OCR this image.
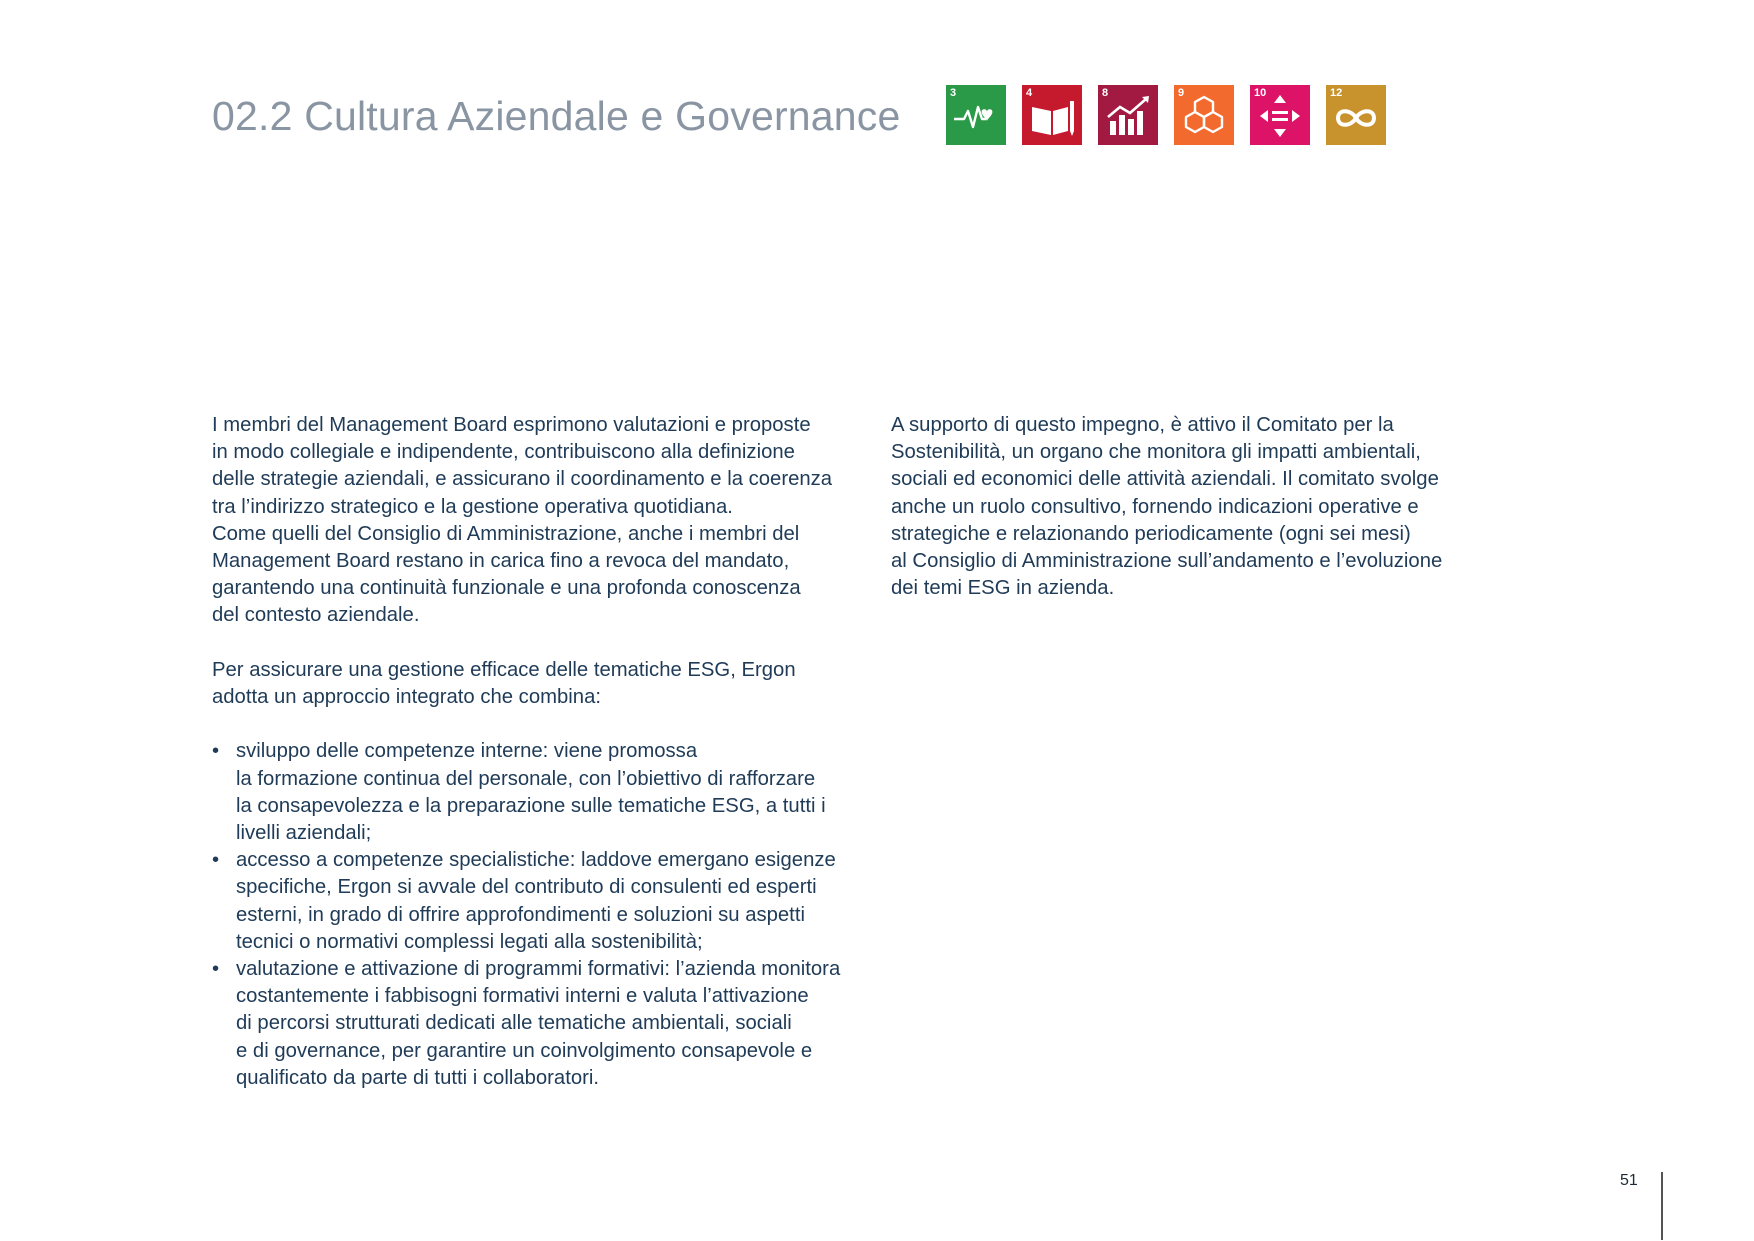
02.2 Cultura Aziendale e Governance	3	4	8	9	10	12

I membri del Management Board esprimono valutazioni e proposte
in modo collegiale e indipendente, contribuiscono alla definizione
delle strategie aziendali, e assicurano il coordinamento e la coerenza
tra l’indirizzo strategico e la gestione operativa quotidiana.
Come quelli del Consiglio di Amministrazione, anche i membri del
Management Board restano in carica fino a revoca del mandato,
garantendo una continuità funzionale e una profonda conoscenza
del contesto aziendale.

Per assicurare una gestione efficace delle tematiche ESG, Ergon
adotta un approccio integrato che combina:

• sviluppo delle competenze interne: viene promossa
la formazione continua del personale, con l’obiettivo di rafforzare
la consapevolezza e la preparazione sulle tematiche ESG, a tutti i
livelli aziendali;
• accesso a competenze specialistiche: laddove emergano esigenze
specifiche, Ergon si avvale del contributo di consulenti ed esperti
esterni, in grado di offrire approfondimenti e soluzioni su aspetti
tecnici o normativi complessi legati alla sostenibilità;
• valutazione e attivazione di programmi formativi: l’azienda monitora
costantemente i fabbisogni formativi interni e valuta l’attivazione
di percorsi strutturati dedicati alle tematiche ambientali, sociali
e di governance, per garantire un coinvolgimento consapevole e
qualificato da parte di tutti i collaboratori.

A supporto di questo impegno, è attivo il Comitato per la
Sostenibilità, un organo che monitora gli impatti ambientali,
sociali ed economici delle attività aziendali. Il comitato svolge
anche un ruolo consultivo, fornendo indicazioni operative e
strategiche e relazionando periodicamente (ogni sei mesi)
al Consiglio di Amministrazione sull’andamento e l’evoluzione
dei temi ESG in azienda.

51
